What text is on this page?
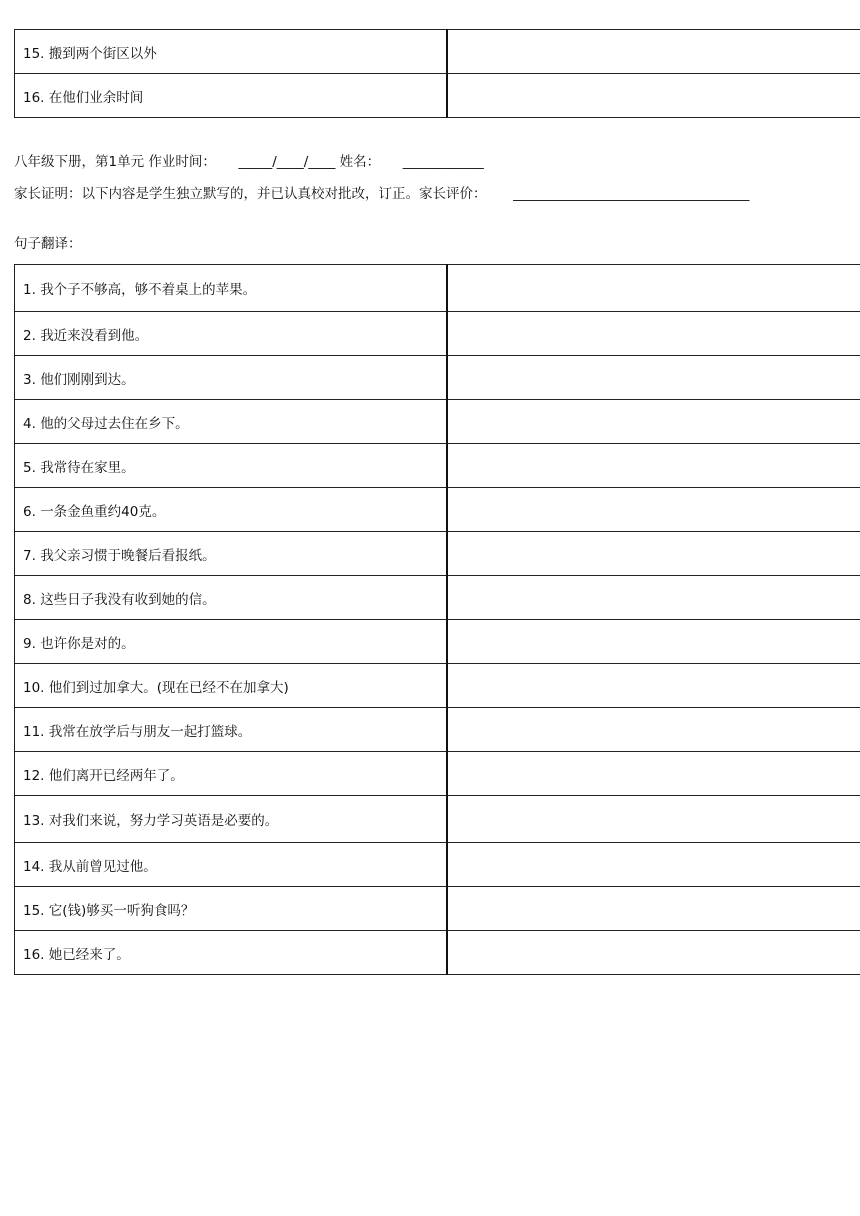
15. 搬到两个街区以外	
16. 在他们业余时间	
八年级下册，第1单元 作业时间： _____/____/____ 姓名： ____________
家长证明：以下内容是学生独立默写的，并已认真校对批改，订正。家长评价： ___________________________________
句子翻译：
1. 我个子不够高，够不着桌上的苹果。	
2. 我近来没看到他。	
3. 他们刚刚到达。	
4. 他的父母过去住在乡下。	
5. 我常待在家里。	
6. 一条金鱼重约40克。	
7. 我父亲习惯于晚餐后看报纸。	
8. 这些日子我没有收到她的信。	
9. 也许你是对的。	
10. 他们到过加拿大。(现在已经不在加拿大)	
11. 我常在放学后与朋友一起打篮球。	
12. 他们离开已经两年了。	
13. 对我们来说，努力学习英语是必要的。	
14. 我从前曾见过他。	
15. 它(钱)够买一听狗食吗？	
16. 她已经来了。	
